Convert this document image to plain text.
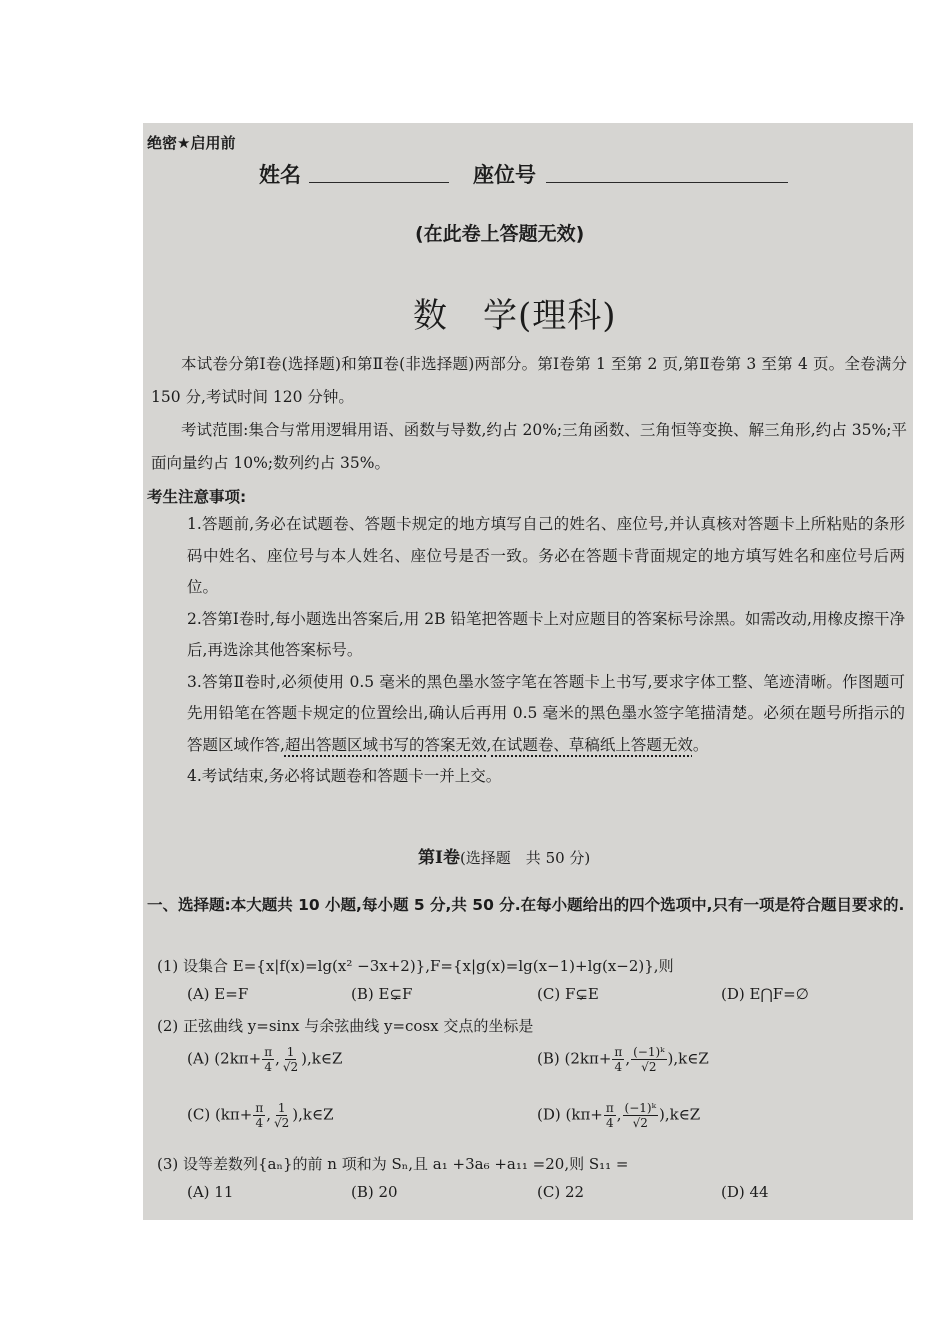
绝密★启用前
姓名	座位号
(在此卷上答题无效)
数　学(理科)

本试卷分第Ⅰ卷(选择题)和第Ⅱ卷(非选择题)两部分。第Ⅰ卷第 1 至第 2 页,第Ⅱ卷第 3 至第 4 页。全卷满分 150 分,考试时间 120 分钟。

考试范围:集合与常用逻辑用语、函数与导数,约占 20%;三角函数、三角恒等变换、解三角形,约占 35%;平面向量约占 10%;数列约占 35%。

考生注意事项:

1.答题前,务必在试题卷、答题卡规定的地方填写自己的姓名、座位号,并认真核对答题卡上所粘贴的条形码中姓名、座位号与本人姓名、座位号是否一致。务必在答题卡背面规定的地方填写姓名和座位号后两位。

2.答第Ⅰ卷时,每小题选出答案后,用 2B 铅笔把答题卡上对应题目的答案标号涂黑。如需改动,用橡皮擦干净后,再选涂其他答案标号。

3.答第Ⅱ卷时,必须使用 0.5 毫米的黑色墨水签字笔在答题卡上书写,要求字体工整、笔迹清晰。作图题可先用铅笔在答题卡规定的位置绘出,确认后再用 0.5 毫米的黑色墨水签字笔描清楚。必须在题号所指示的答题区域作答,超出答题区域书写的答案无效,在试题卷、草稿纸上答题无效。

4.考试结束,务必将试题卷和答题卡一并上交。

第Ⅰ卷(选择题　共 50 分)

一、选择题:本大题共 10 小题,每小题 5 分,共 50 分.在每小题给出的四个选项中,只有一项是符合题目要求的.

(1) 设集合 E={x|f(x)=lg(x² −3x+2)},F={x|g(x)=lg(x−1)+lg(x−2)},则
(A) E=F	(B) E⊊F	(C) F⊊E	(D) E⋂F=∅
(2) 正弦曲线 y=sinx 与余弦曲线 y=cosx 交点的坐标是
(A) ($2k\pi+ \frac{\pi}{4}$ , $\frac{1}{√2}$ ),k∈Z	(B) ($2k\pi+ \frac{\pi}{4}$ , $\frac{\text{(−1)ᵏ}}{√2}$ ),k∈Z
(C) ($k\pi+ \frac{\pi}{4}$ , $\frac{1}{√2}$ ),k∈Z	(D) ($k\pi+ \frac{\pi}{4}$ , $\frac{\text{(−1)ᵏ}}{√2}$ ),k∈Z
(3) 设等差数列{aₙ}的前 n 项和为 Sₙ,且 a₁ +3a₆ +a₁₁ =20,则 S₁₁ =
(A) 11	(B) 20	(C) 22	(D) 44
